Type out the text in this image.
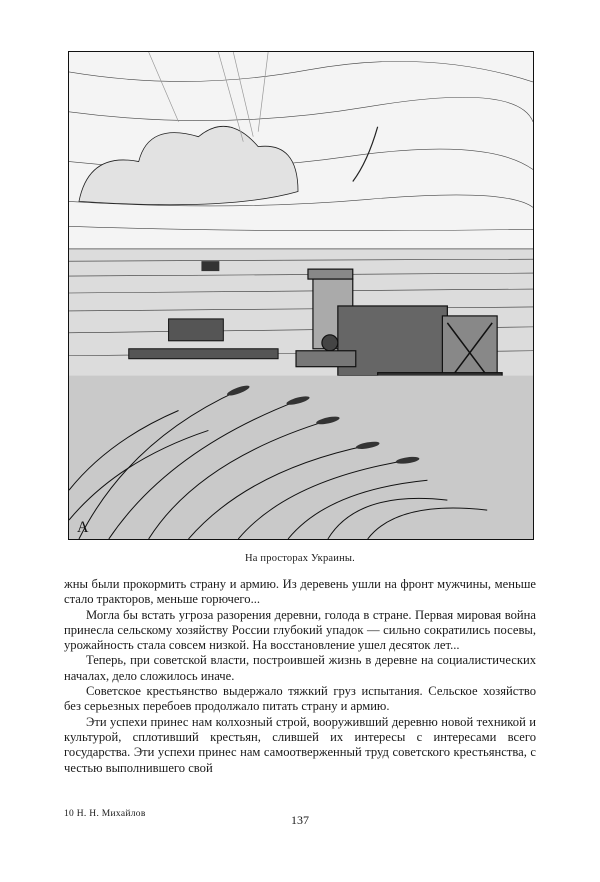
А
На просторах Украины.

жны были прокормить страну и армию. Из деревень ушли на фронт мужчины, меньше стало тракторов, меньше горючего...

Могла бы встать угроза разорения деревни, голода в стране. Первая мировая война принесла сельскому хозяйству России глубокий упадок — сильно сократились посевы, урожайность стала совсем низкой. На восстановление ушел десяток лет...

Теперь, при советской власти, построившей жизнь в деревне на социалистических началах, дело сложилось иначе.

Советское крестьянство выдержало тяжкий груз испытания. Сельское хозяйство без серьезных перебоев продолжало питать страну и армию.

Эти успехи принес нам колхозный строй, вооруживший деревню новой техникой и культурой, сплотивший крестьян, слившей их интересы с интересами всего государства. Эти успехи принес нам самоотверженный труд советского крестьянства, с честью выполнившего свой

10 Н. Н. Михайлов	137
